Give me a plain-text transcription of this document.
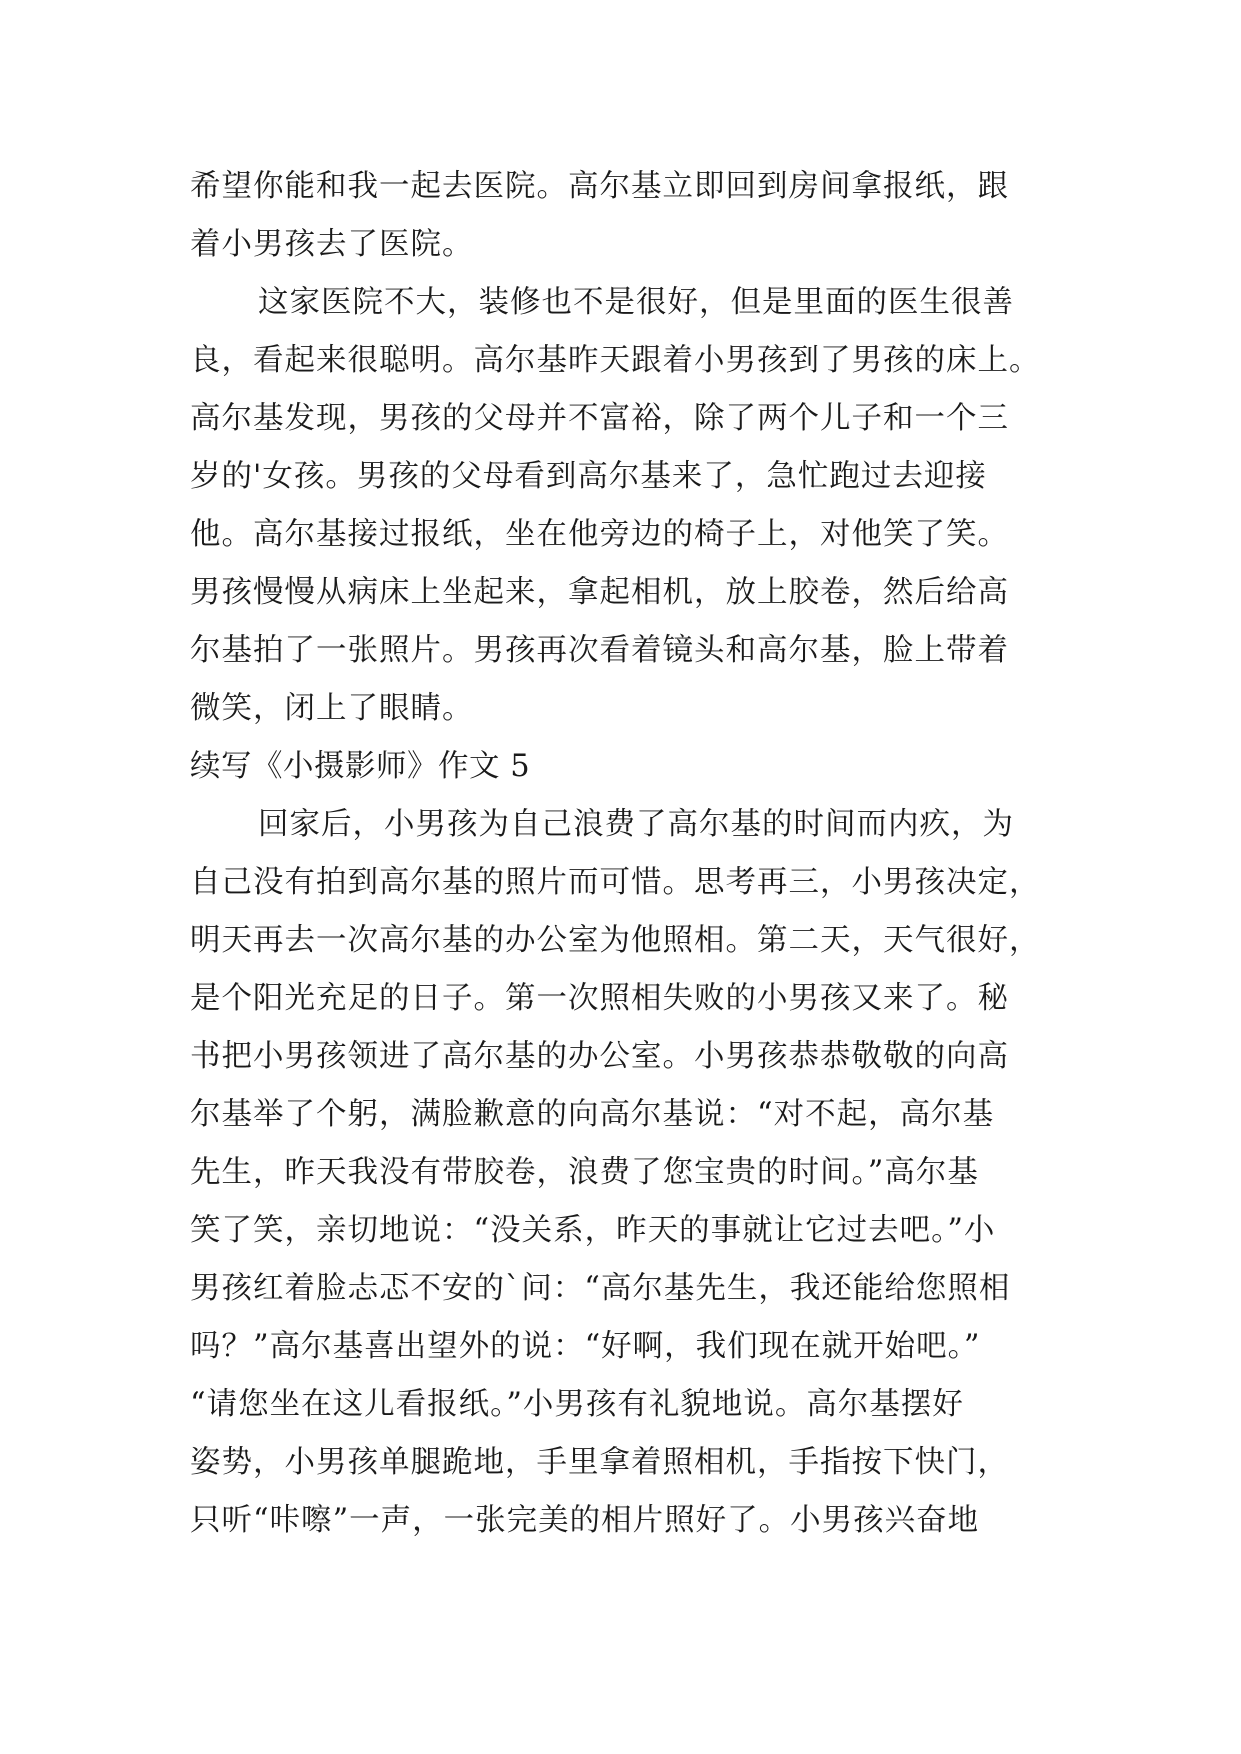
希望你能和我一起去医院。高尔基立即回到房间拿报纸，跟
着小男孩去了医院。
这家医院不大，装修也不是很好，但是里面的医生很善
良，看起来很聪明。高尔基昨天跟着小男孩到了男孩的床上。
高尔基发现，男孩的父母并不富裕，除了两个儿子和一个三
岁的'女孩。男孩的父母看到高尔基来了，急忙跑过去迎接
他。高尔基接过报纸，坐在他旁边的椅子上，对他笑了笑。
男孩慢慢从病床上坐起来，拿起相机，放上胶卷，然后给高
尔基拍了一张照片。男孩再次看着镜头和高尔基，脸上带着
微笑，闭上了眼睛。
续写《小摄影师》作文 5
回家后，小男孩为自己浪费了高尔基的时间而内疚，为
自己没有拍到高尔基的照片而可惜。思考再三，小男孩决定，
明天再去一次高尔基的办公室为他照相。第二天，天气很好，
是个阳光充足的日子。第一次照相失败的小男孩又来了。秘
书把小男孩领进了高尔基的办公室。小男孩恭恭敬敬的向高
尔基举了个躬，满脸歉意的向高尔基说：“对不起，高尔基
先生，昨天我没有带胶卷，浪费了您宝贵的时间。”高尔基
笑了笑，亲切地说：“没关系，昨天的事就让它过去吧。”小
男孩红着脸忐忑不安的`问：“高尔基先生，我还能给您照相
吗？”高尔基喜出望外的说：“好啊，我们现在就开始吧。”
“请您坐在这儿看报纸。”小男孩有礼貌地说。高尔基摆好
姿势，小男孩单腿跪地，手里拿着照相机，手指按下快门，
只听“咔嚓”一声，一张完美的相片照好了。小男孩兴奋地
